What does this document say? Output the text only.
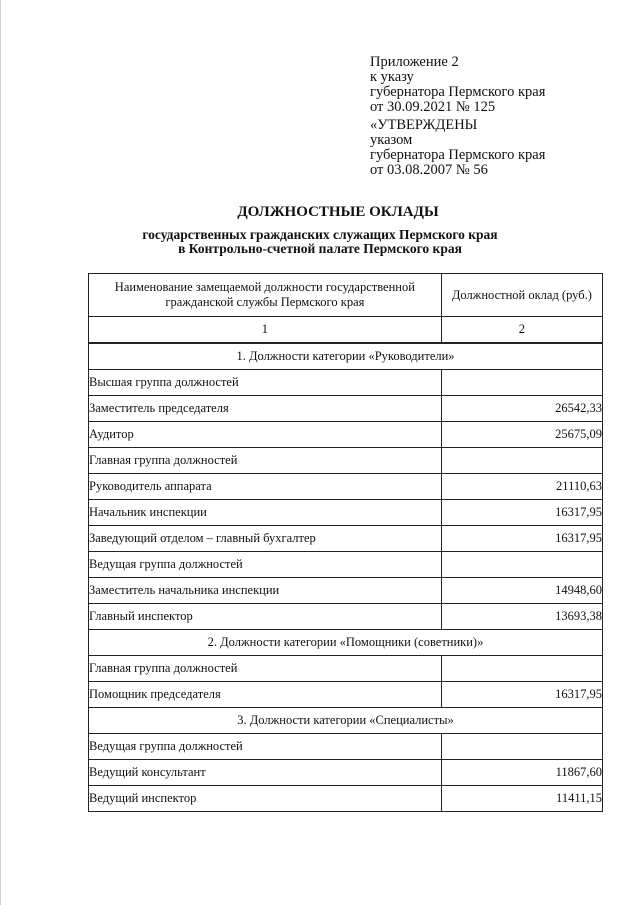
Приложение 2
к указу
губернатора Пермского края
от 30.09.2021 № 125
«УТВЕРЖДЕНЫ
указом
губернатора Пермского края
от 03.08.2007 № 56
ДОЛЖНОСТНЫЕ ОКЛАДЫ
государственных гражданских служащих Пермского края
в Контрольно-счетной палате Пермского края
Наименование замещаемой должности государственной
гражданской службы Пермского края	Должностной оклад (руб.)
1	2
1. Должности категории «Руководители»	
Высшая группа должностей	
Заместитель председателя	26542,33
Аудитор	25675,09
Главная группа должностей	
Руководитель аппарата	21110,63
Начальник инспекции	16317,95
Заведующий отделом – главный бухгалтер	16317,95
Ведущая группа должностей	
Заместитель начальника инспекции	14948,60
Главный инспектор	13693,38
2. Должности категории «Помощники (советники)»	
Главная группа должностей	
Помощник председателя	16317,95
3. Должности категории «Специалисты»	
Ведущая группа должностей	
Ведущий консультант	11867,60
Ведущий инспектор	11411,15
